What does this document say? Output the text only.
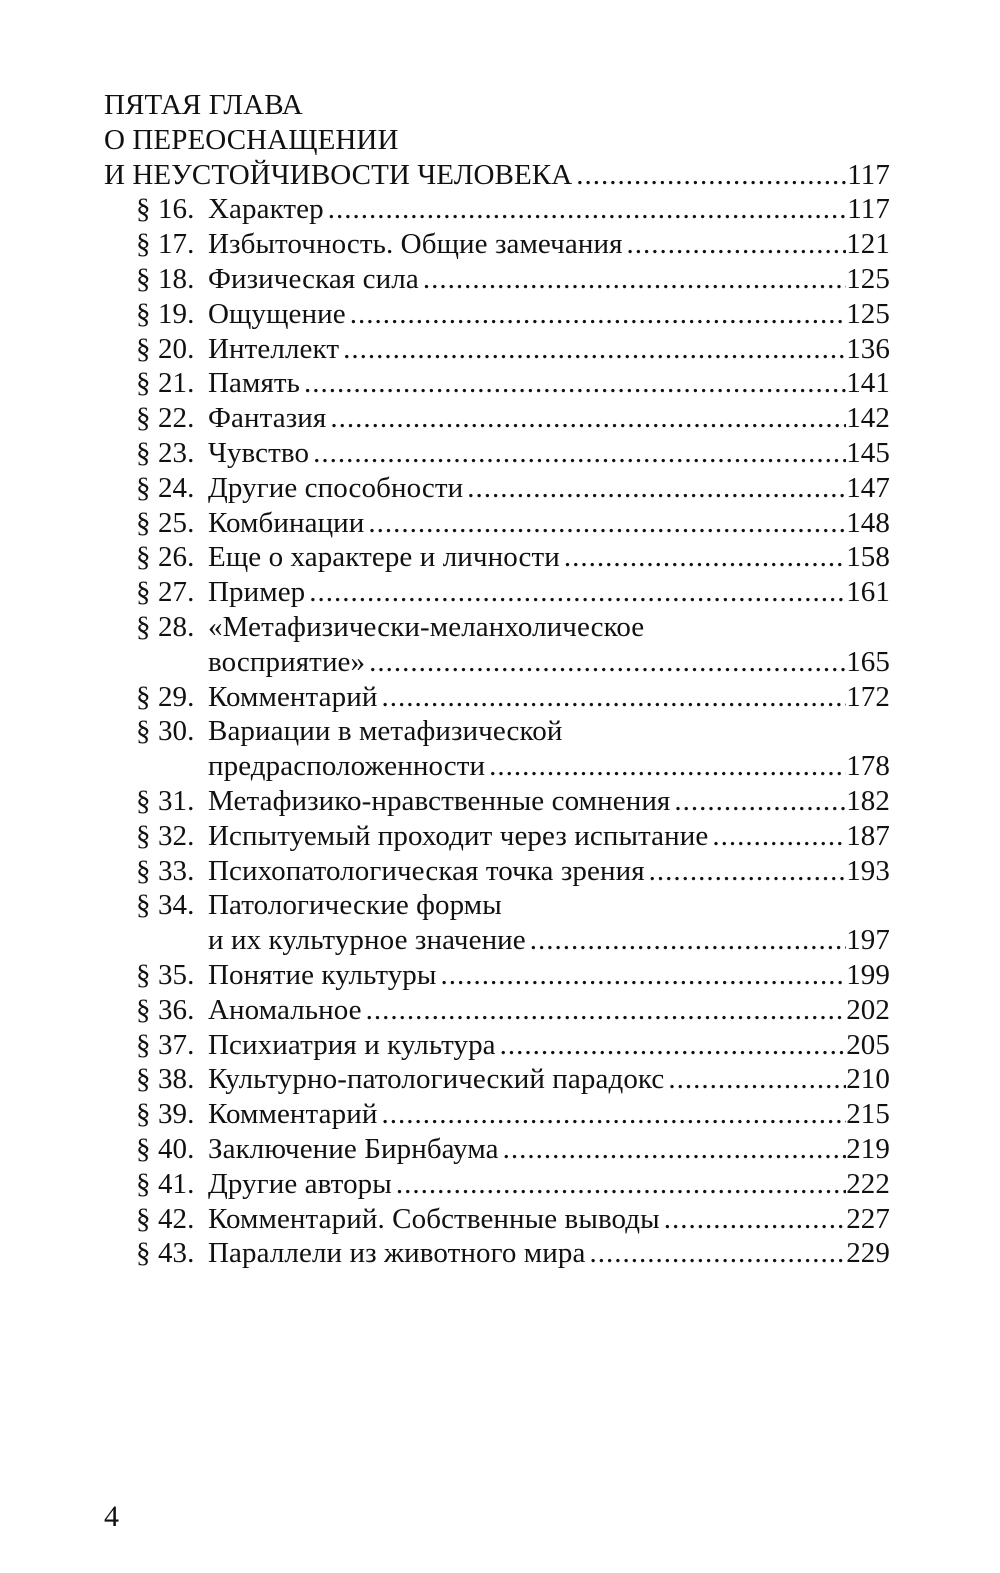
ПЯТАЯ ГЛАВА
О ПЕРЕОСНАЩЕНИИ
И НЕУСТОЙЧИВОСТИ ЧЕЛОВЕКА .....	117
§ 16. Характер .....	117
§ 17. Избыточность. Общие замечания .....	121
§ 18. Физическая сила .....	125
§ 19. Ощущение .....	125
§ 20. Интеллект .....	136
§ 21. Память .....	141
§ 22. Фантазия .....	142
§ 23. Чувство .....	145
§ 24. Другие способности .....	147
§ 25. Комбинации .....	148
§ 26. Еще о характере и личности .....	158
§ 27. Пример .....	161
§ 28. «Метафизически-меланхолическое
восприятие» .....	165
§ 29. Комментарий .....	172
§ 30. Вариации в метафизической
предрасположенности .....	178
§ 31. Метафизико-нравственные сомнения .....	182
§ 32. Испытуемый проходит через испытание .....	187
§ 33. Психопатологическая точка зрения .....	193
§ 34. Патологические формы
и их культурное значение .....	197
§ 35. Понятие культуры .....	199
§ 36. Аномальное .....	202
§ 37. Психиатрия и культура .....	205
§ 38. Культурно-патологический парадокс .....	210
§ 39. Комментарий .....	215
§ 40. Заключение Бирнбаума .....	219
§ 41. Другие авторы .....	222
§ 42. Комментарий. Собственные выводы .....	227
§ 43. Параллели из животного мира .....	229
4
